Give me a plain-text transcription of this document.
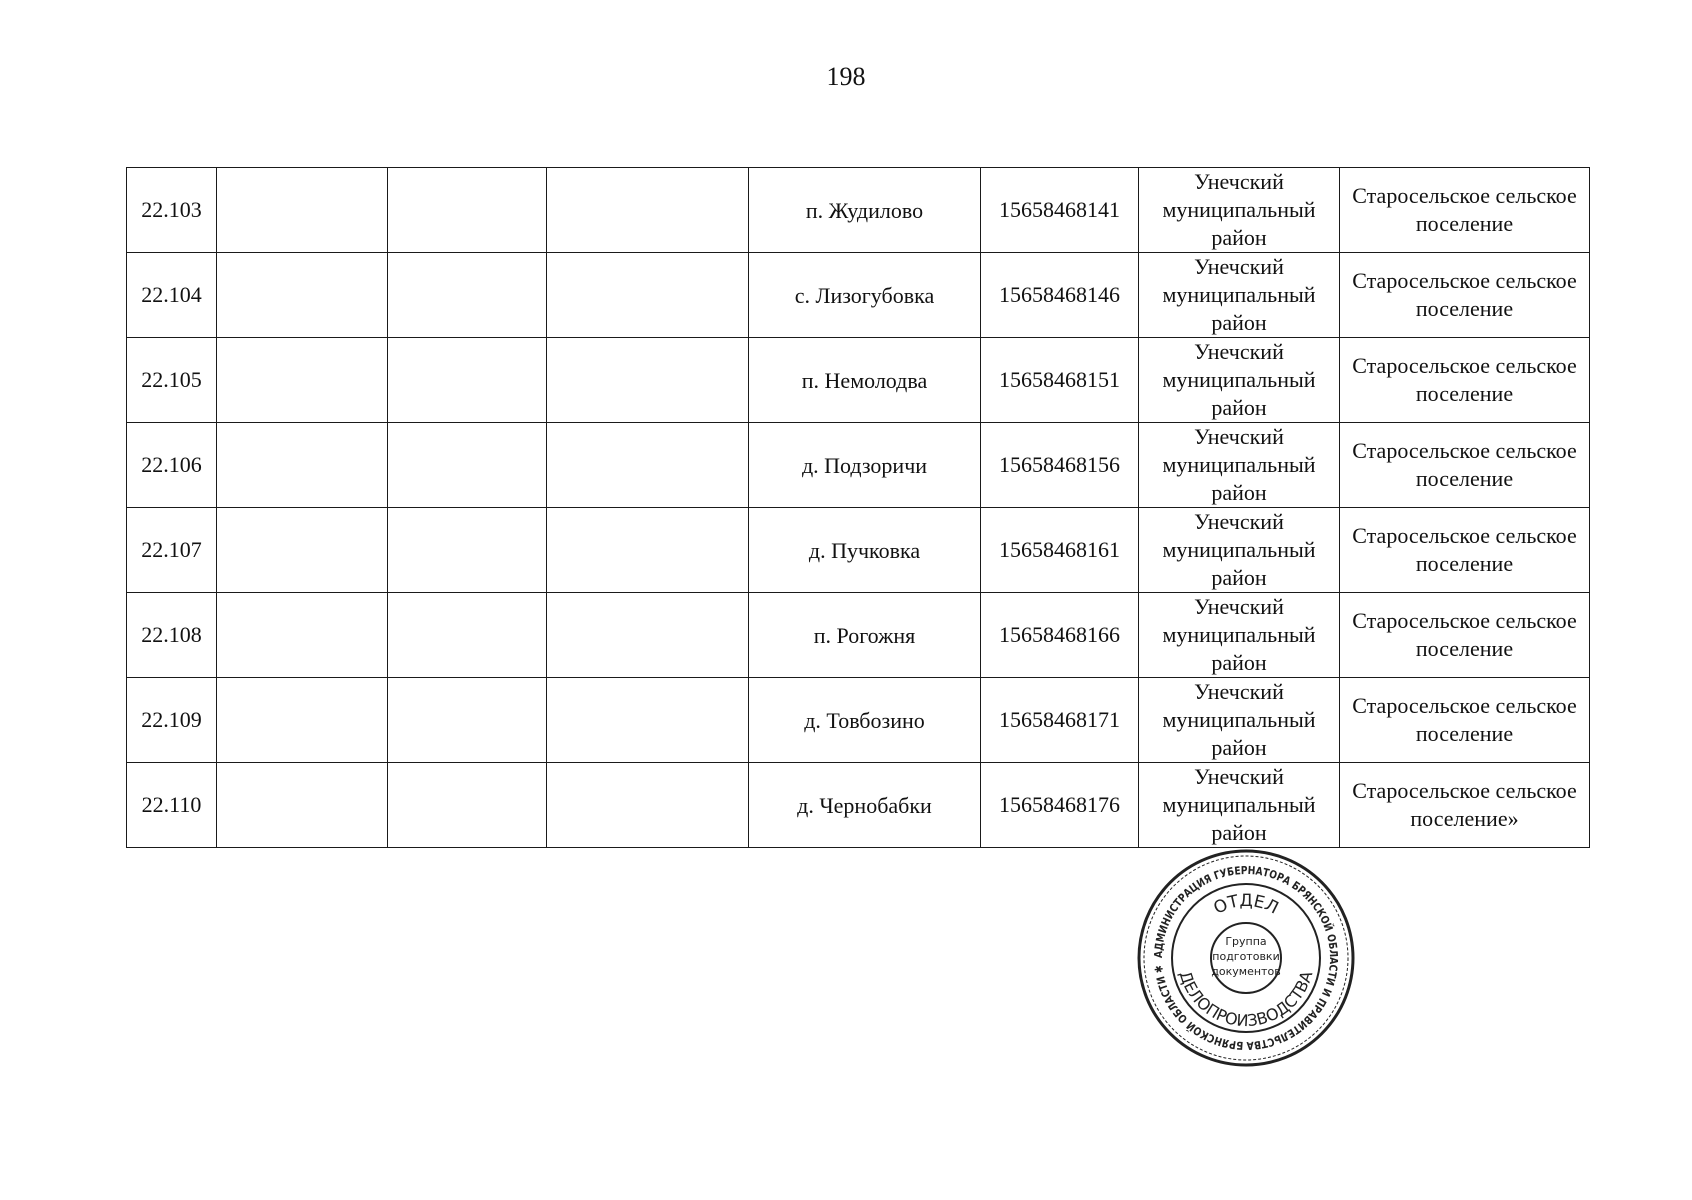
198
22.103				п. Жудилово	15658468141	Унечский муниципальный район	Старосельское сельское поселение
22.104				с. Лизогубовка	15658468146	Унечский муниципальный район	Старосельское сельское поселение
22.105				п. Немолодва	15658468151	Унечский муниципальный район	Старосельское сельское поселение
22.106				д. Подзоричи	15658468156	Унечский муниципальный район	Старосельское сельское поселение
22.107				д. Пучковка	15658468161	Унечский муниципальный район	Старосельское сельское поселение
22.108				п. Рогожня	15658468166	Унечский муниципальный район	Старосельское сельское поселение
22.109				д. Товбозино	15658468171	Унечский муниципальный район	Старосельское сельское поселение
22.110				д. Чернобабки	15658468176	Унечский муниципальный район	Старосельское сельское поселение»
АДМИНИСТРАЦИЯ ГУБЕРНАТОРА БРЯНСКОЙ ОБЛАСТИ И ПРАВИТЕЛЬСТВА БРЯНСКОЙ ОБЛАСТИ ✱
ОТДЕЛ
ДЕЛОПРОИЗВОДСТВА
Группа
подготовки
документов
